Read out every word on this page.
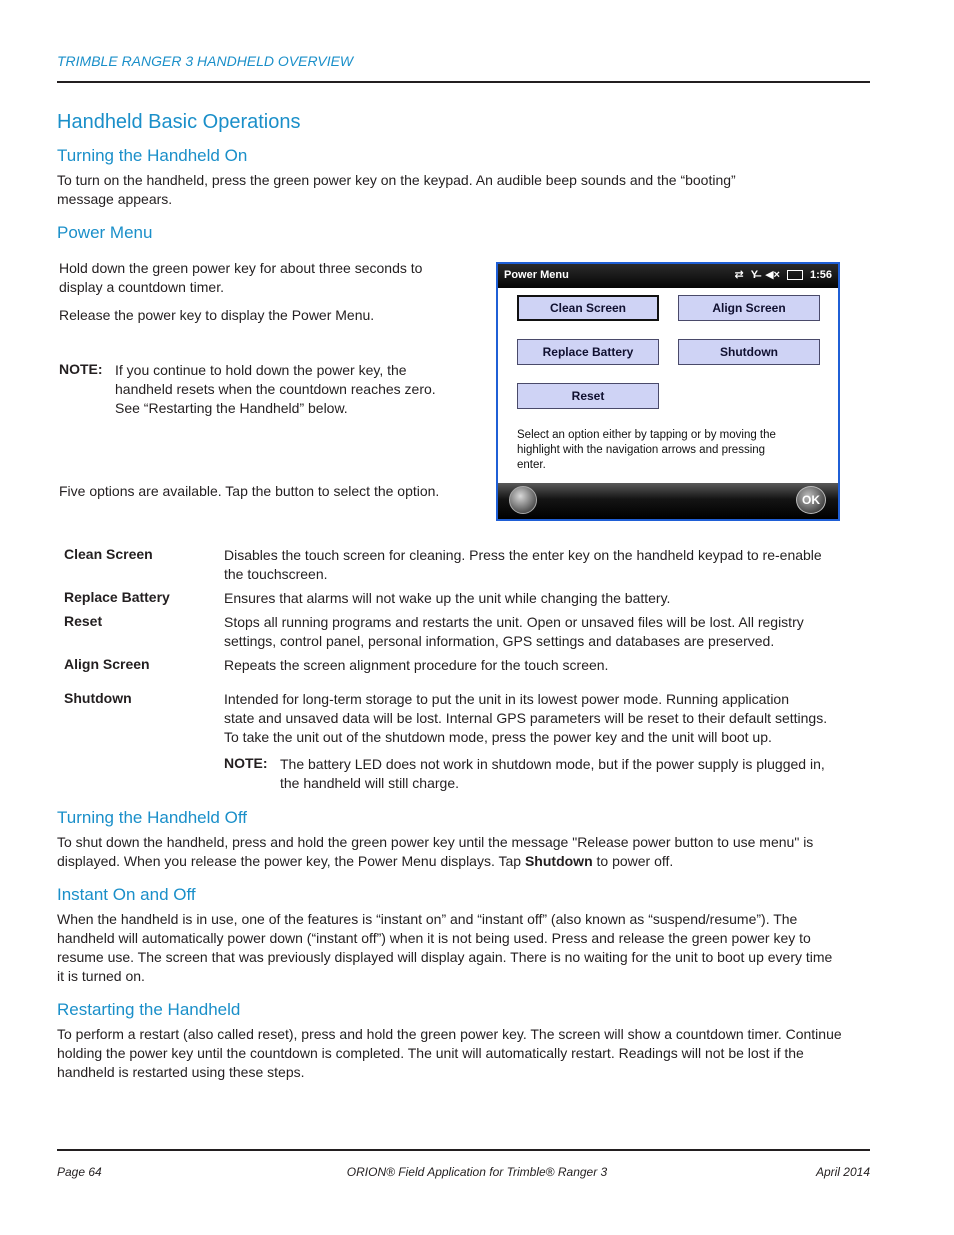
TRIMBLE RANGER 3 HANDHELD OVERVIEW
Handheld Basic Operations
Turning the Handheld On
To turn on the handheld, press the green power key on the keypad. An audible beep sounds and the “booting”
message appears.
Power Menu
Hold down the green power key for about three seconds to
display a countdown timer.
Release the power key to display the Power Menu.
NOTE: If you continue to hold down the power key, the
handheld resets when the countdown reaches zero.
See “Restarting the Handheld” below.
Five options are available. Tap the button to select the option.
Power Menu	⇄ Y̶ ◀×	1:56
Clean Screen	Align Screen
Replace Battery	Shutdown
Reset
Select an option either by tapping or by moving the
highlight with the navigation arrows and pressing
enter.
OK
Clean Screen	Disables the touch screen for cleaning. Press the enter key on the handheld keypad to re-enable
the touchscreen.
Replace Battery	Ensures that alarms will not wake up the unit while changing the battery.
Reset	Stops all running programs and restarts the unit. Open or unsaved files will be lost. All registry
settings, control panel, personal information, GPS settings and databases are preserved.
Align Screen	Repeats the screen alignment procedure for the touch screen.
Shutdown	Intended for long-term storage to put the unit in its lowest power mode. Running application
state and unsaved data will be lost. Internal GPS parameters will be reset to their default settings.
To take the unit out of the shutdown mode, press the power key and the unit will boot up.
NOTE: The battery LED does not work in shutdown mode, but if the power supply is plugged in,
the handheld will still charge.
Turning the Handheld Off
To shut down the handheld, press and hold the green power key until the message "Release power button to use menu" is
displayed. When you release the power key, the Power Menu displays. Tap Shutdown to power off.
Instant On and Off
When the handheld is in use, one of the features is “instant on” and “instant off” (also known as “suspend/resume”). The
handheld will automatically power down (“instant off”) when it is not being used. Press and release the green power key to
resume use. The screen that was previously displayed will display again. There is no waiting for the unit to boot up every time
it is turned on.
Restarting the Handheld
To perform a restart (also called reset), press and hold the green power key. The screen will show a countdown timer. Continue
holding the power key until the countdown is completed. The unit will automatically restart. Readings will not be lost if the
handheld is restarted using these steps.
Page 64	ORION® Field Application for Trimble® Ranger 3	April 2014
